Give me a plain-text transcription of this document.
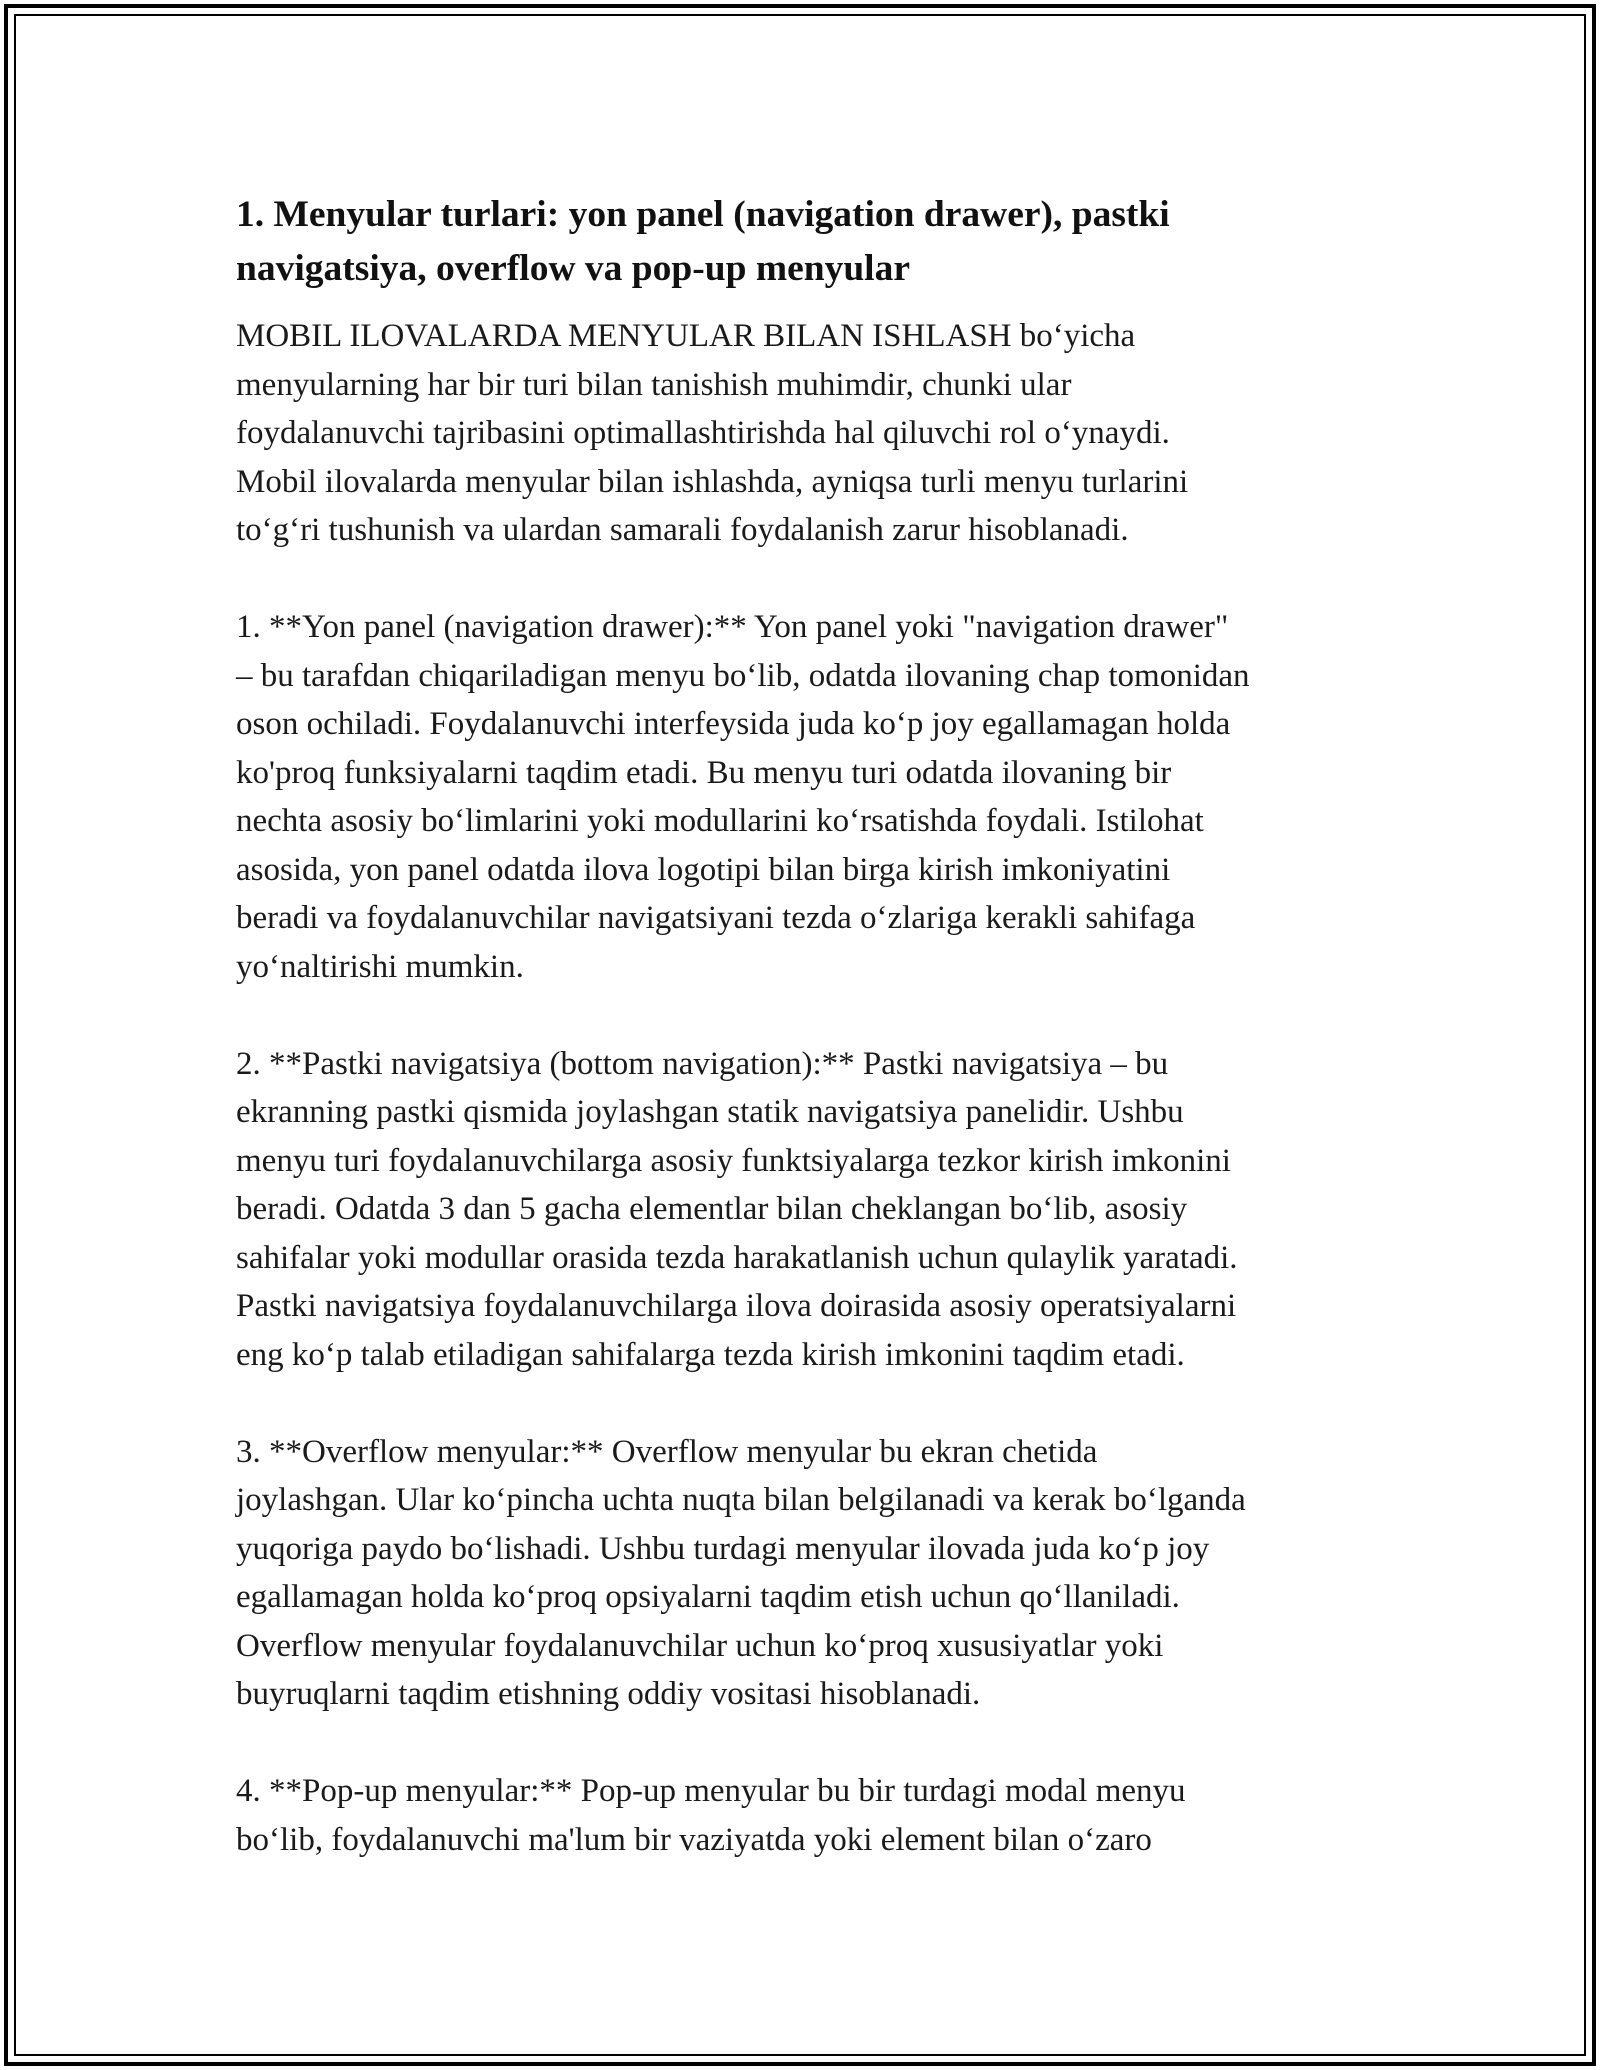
1. Menyular turlari: yon panel (navigation drawer), pastki
navigatsiya, overflow va pop-up menyular

MOBIL ILOVALARDA MENYULAR BILAN ISHLASH bo‘yicha
menyularning har bir turi bilan tanishish muhimdir, chunki ular
foydalanuvchi tajribasini optimallashtirishda hal qiluvchi rol o‘ynaydi.
Mobil ilovalarda menyular bilan ishlashda, ayniqsa turli menyu turlarini
to‘g‘ri tushunish va ulardan samarali foydalanish zarur hisoblanadi.

1. **Yon panel (navigation drawer):** Yon panel yoki "navigation drawer"
– bu tarafdan chiqariladigan menyu bo‘lib, odatda ilovaning chap tomonidan
oson ochiladi. Foydalanuvchi interfeysida juda ko‘p joy egallamagan holda
ko'proq funksiyalarni taqdim etadi. Bu menyu turi odatda ilovaning bir
nechta asosiy bo‘limlarini yoki modullarini ko‘rsatishda foydali. Istilohat
asosida, yon panel odatda ilova logotipi bilan birga kirish imkoniyatini
beradi va foydalanuvchilar navigatsiyani tezda o‘zlariga kerakli sahifaga
yo‘naltirishi mumkin.

2. **Pastki navigatsiya (bottom navigation):** Pastki navigatsiya – bu
ekranning pastki qismida joylashgan statik navigatsiya panelidir. Ushbu
menyu turi foydalanuvchilarga asosiy funktsiyalarga tezkor kirish imkonini
beradi. Odatda 3 dan 5 gacha elementlar bilan cheklangan bo‘lib, asosiy
sahifalar yoki modullar orasida tezda harakatlanish uchun qulaylik yaratadi.
Pastki navigatsiya foydalanuvchilarga ilova doirasida asosiy operatsiyalarni
eng ko‘p talab etiladigan sahifalarga tezda kirish imkonini taqdim etadi.

3. **Overflow menyular:** Overflow menyular bu ekran chetida
joylashgan. Ular ko‘pincha uchta nuqta bilan belgilanadi va kerak bo‘lganda
yuqoriga paydo bo‘lishadi. Ushbu turdagi menyular ilovada juda ko‘p joy
egallamagan holda ko‘proq opsiyalarni taqdim etish uchun qo‘llaniladi.
Overflow menyular foydalanuvchilar uchun ko‘proq xususiyatlar yoki
buyruqlarni taqdim etishning oddiy vositasi hisoblanadi.

4. **Pop-up menyular:** Pop-up menyular bu bir turdagi modal menyu
bo‘lib, foydalanuvchi ma'lum bir vaziyatda yoki element bilan o‘zaro
